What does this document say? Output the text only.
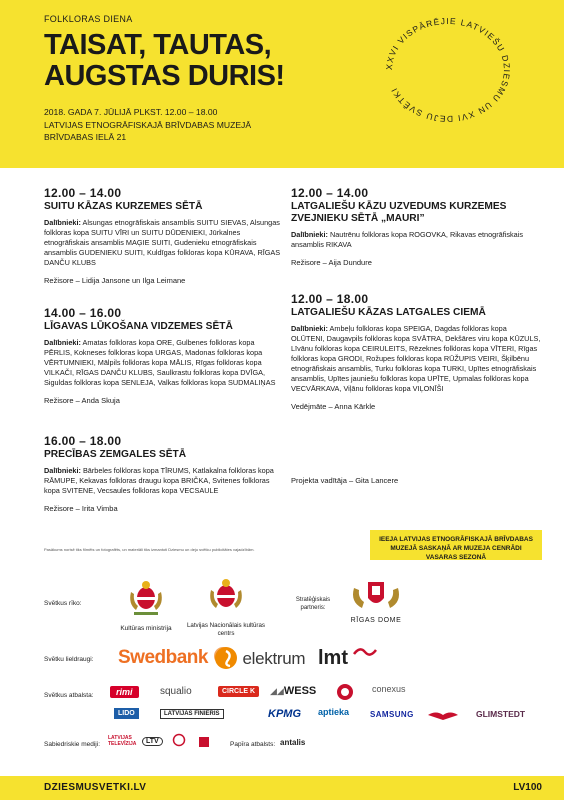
FOLKLORAS DIENA
TAISAT, TAUTAS,
AUGSTAS DURIS!
2018. GADA 7. JŪLIJĀ PLKST. 12.00 – 18.00
LATVIJAS ETNOGRĀFISKAJĀ BRĪVDABAS MUZEJĀ
BRĪVDABAS IELĀ 21
XXVI VISPĀRĒJIE LATVIEŠU DZIESMU UN XVI DEJU SVĒTKI
12.00 – 14.00
SUITU KĀZAS KURZEMES SĒTĀ
Dalībnieki: Alsungas etnogrāfiskais ansamblis SUITU SIEVAS, Alsungas folkloras kopa SUITU VĪRI un SUITU DŪDENIEKI, Jūrkalnes etnogrāfiskais ansamblis MAĢIE SUITI, Gudenieku etnogrāfiskais ansamblis GUDENIEKU SUITI, Kuldīgas folkloras kopa KŪRAVA, RĪGAS DANČU KLUBS
Režisore – Lidija Jansone un Ilga Leimane
14.00 – 16.00
LĪGAVAS LŪKOŠANA VIDZEMES SĒTĀ
Dalībnieki: Amatas folkloras kopa ORE, Gulbenes folkloras kopa PĒRLIS, Kokneses folkloras kopa URGAS, Madonas folkloras kopa VĒRTUMNIEKI, Mālpils folkloras kopa MĀLIS, Rīgas folkloras kopa VILKAČI, RĪGAS DANČU KLUBS, Saulkrastu folkloras kopa DVĪGA, Siguldas folkloras kopa SENLEJA, Valkas folkloras kopa SUDMALIŅAS
Režisore – Anda Skuja
16.00 – 18.00
PRECĪBAS ZEMGALES SĒTĀ
Dalībnieki: Bārbeles folkloras kopa TĪRUMS, Katlakalna folkloras kopa RĀMUPE, Kekavas folkloras draugu kopa BRIČKA, Svitenes folkloras kopa SVITENE, Vecsaules folkloras kopa VECSAULE
Režisore – Irita Vimba
12.00 – 14.00
LATGALIEŠU KĀZU UZVEDUMS KURZEMES ZVEJNIEKU SĒTĀ „MAURI”
Dalībnieki: Nautrēnu folkloras kopa ROGOVKA, Rikavas etnogrāfiskais ansamblis RIKAVA
Režisore – Aija Dundure
12.00 – 18.00
LATGALIEŠU KĀZAS LATGALES CIEMĀ
Dalībnieki: Ambeļu folkloras kopa SPEIGA, Dagdas folkloras kopa OLŪTENI, Daugavpils folkloras kopa SVĀTRA, Dekšāres viru kopa KŪZULS, Līvānu folkloras kopa CEIRULEITS, Rēzeknes folkloras kopa VĪTERI, Rīgas folkloras kopa GRODI, Rožupes folkloras kopa RŪŽUPIS VEIRI, Šķilbēnu etnogrāfiskais ansamblis, Turku folkloras kopa TURKI, Upītes etnogrāfiskais ansamblis, Upītes jauniešu folkloras kopa UPĪTE, Upmalas folkloras kopa VECVĀRKAVA, Viļānu folkloras kopa VIĻONĪŠI
Vedējmāte – Anna Kārkle
Projekta vadītāja – Gita Lancere
IEEJA LATVIJAS ETNOGRĀFISKAJĀ BRĪVDABAS MUZEJĀ SASKAŅĀ AR MUZEJA CENRĀDI VASARAS SEZONĀ
Pasākums norisē tiks filmēts un fotografēts, un materiāli tiks izmantoti Dziesmu un deju svētku publicitātes vajadzībām.
Svētkus rīko:
Kultūras ministrija	Latvijas Nacionālais kultūras centrs
Stratēģiskais partneris:
RĪGAS DOME
Svētku lieldraugi: Swedbank	elektrum lmt
Svētkus atbalsta:	rimi	squalio	CIRCLE K	◢◢WESS	conexus
LIDO	LATVIJAS FINIERIS	KPMG aptieka	SAMSUNG	GLIMSTEDT
Sabiedriskie mediji:
LATVIJAS TELEVĪZIJA	LTV	Papīra atbalsts: antalis
DZIESMUSVETKI.LV	LV100
